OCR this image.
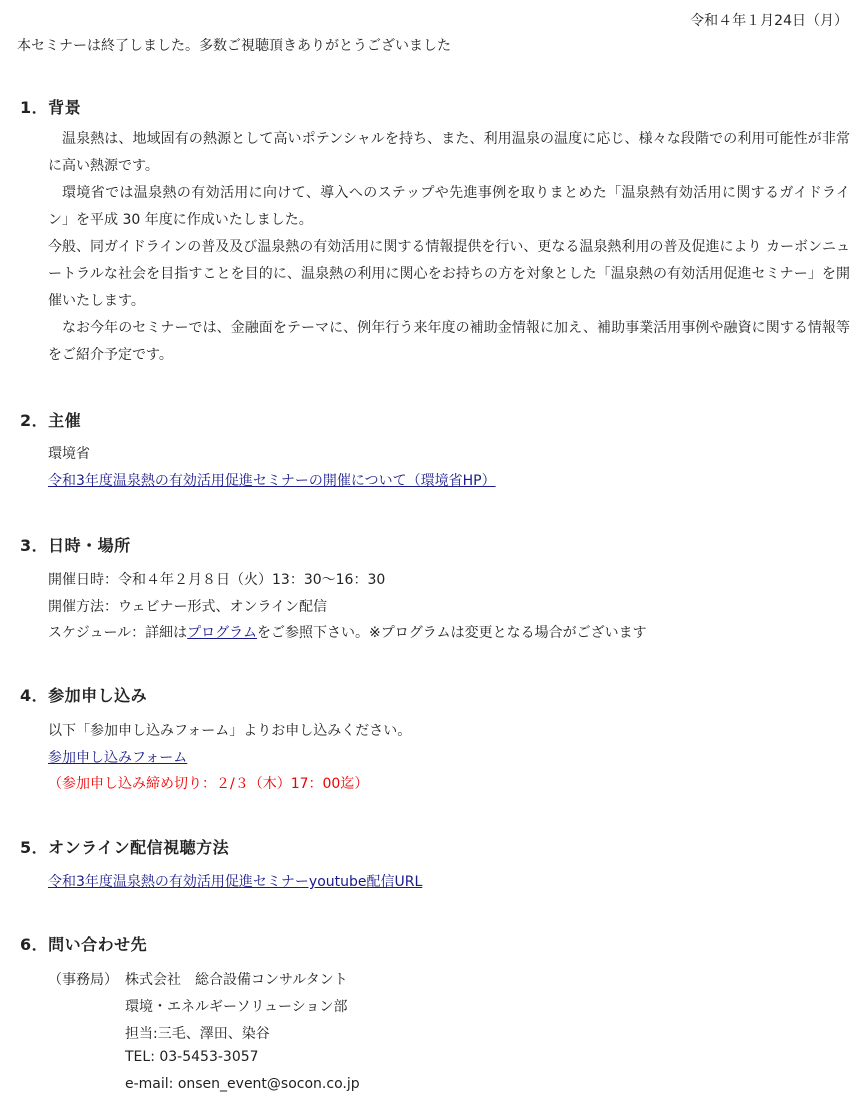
令和４年１月24日（月）
本セミナーは終了しました。多数ご視聴頂きありがとうございました
1．背景

温泉熱は、地域固有の熱源として高いポテンシャルを持ち、また、利用温泉の温度に応じ、様々な段階での利用可能性が非常に高い熱源です。

環境省では温泉熱の有効活用に向けて、導入へのステップや先進事例を取りまとめた「温泉熱有効活用に関するガイドライン」を平成 30 年度に作成いたしました。

今般、同ガイドラインの普及及び温泉熱の有効活用に関する情報提供を行い、更なる温泉熱利用の普及促進により カーボンニュートラルな社会を目指すことを目的に、温泉熱の利用に関心をお持ちの方を対象とした「温泉熱の有効活用促進セミナー」を開催いたします。

なお今年のセミナーでは、金融面をテーマに、例年行う来年度の補助金情報に加え、補助事業活用事例や融資に関する情報等をご紹介予定です。

2．主催
環境省
令和3年度温泉熱の有効活用促進セミナーの開催について（環境省HP）
3．日時・場所
開催日時：令和４年２月８日（火）13：30〜16：30
開催方法：ウェビナー形式、オンライン配信
スケジュール：詳細はプログラムをご参照下さい。※プログラムは変更となる場合がございます
4．参加申し込み
以下「参加申し込みフォーム」よりお申し込みください。
参加申し込みフォーム
（参加申し込み締め切り：２/３（木）17：00迄）
5．オンライン配信視聴方法
令和3年度温泉熱の有効活用促進セミナーyoutube配信URL
6．問い合わせ先
（事務局） 株式会社　総合設備コンサルタント
環境・エネルギーソリューション部
担当:三毛、澤田、染谷
TEL: 03-5453-3057
e-mail: onsen_event@socon.co.jp
